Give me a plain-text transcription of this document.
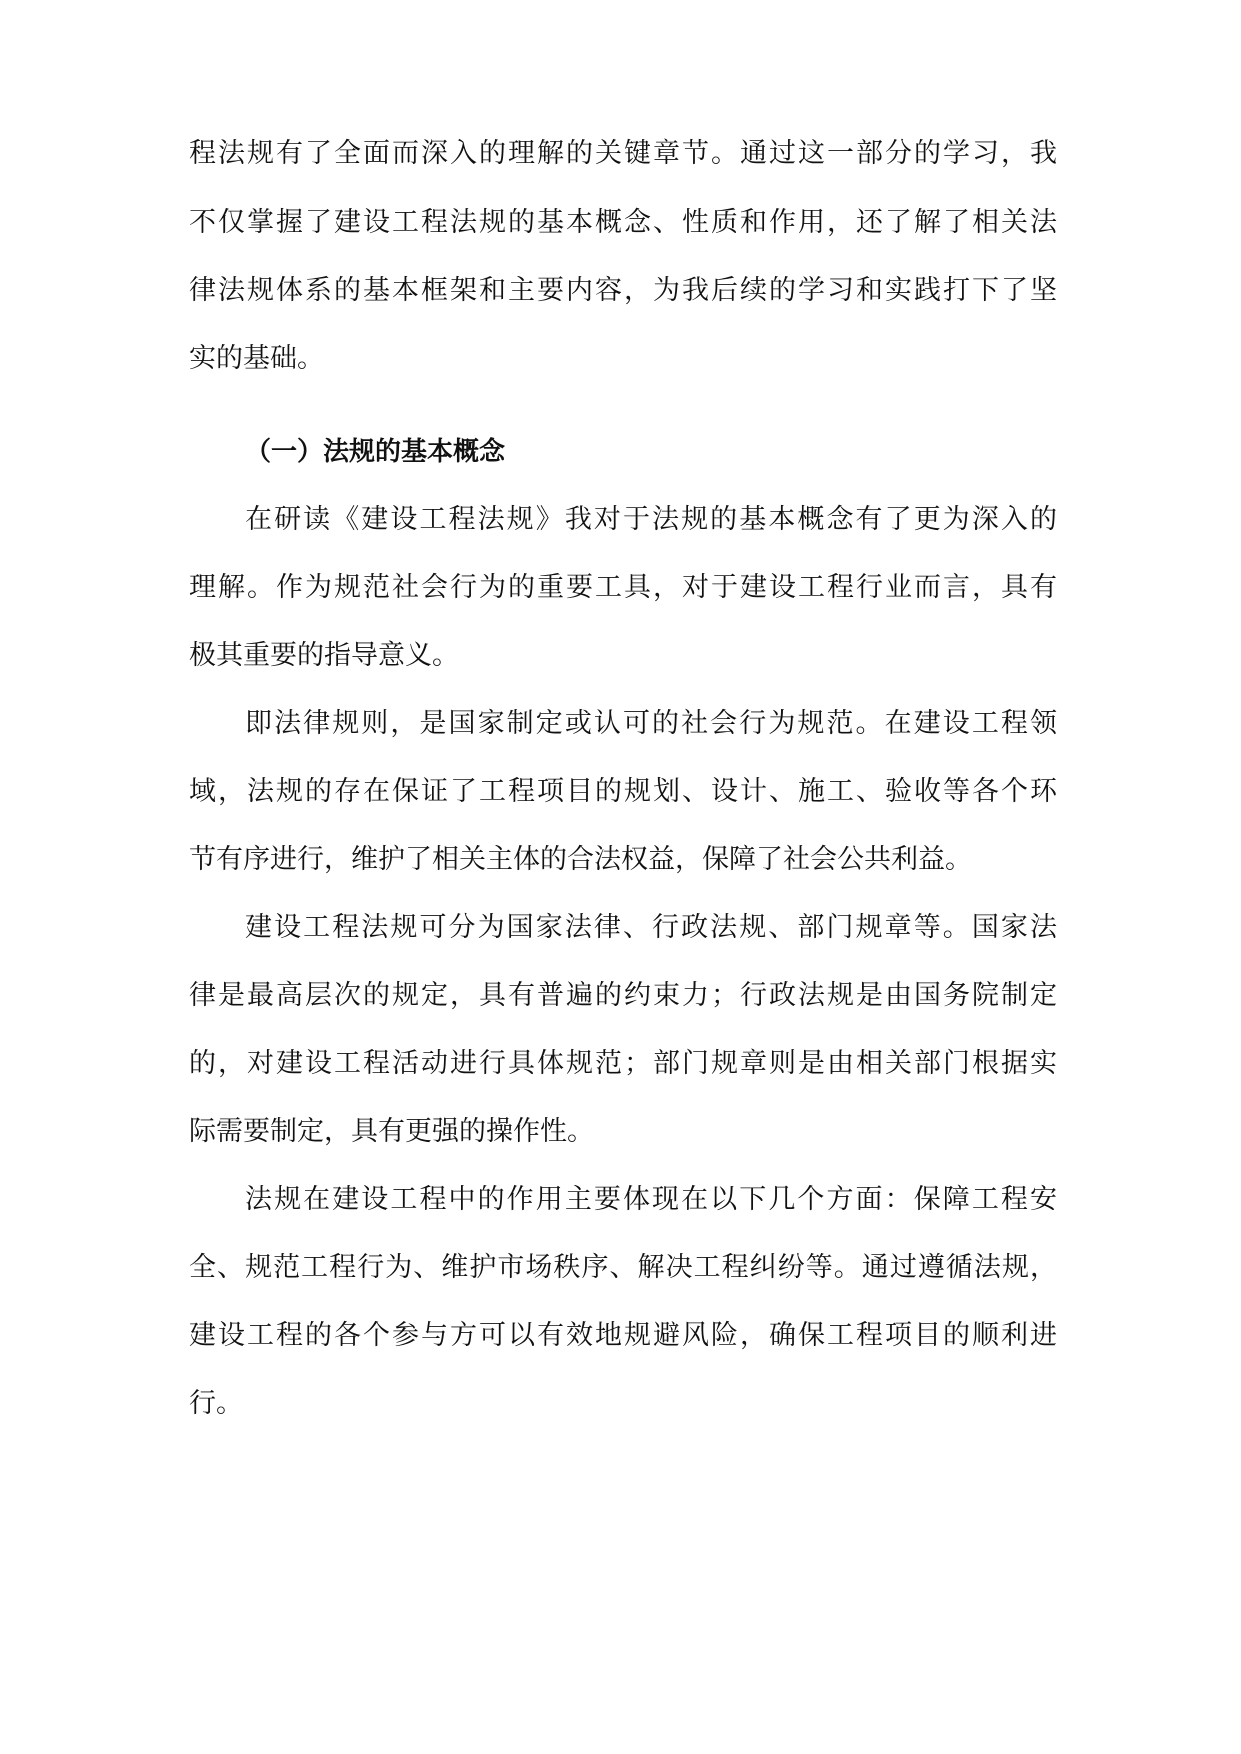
程法规有了全面而深入的理解的关键章节。通过这一部分的学习，我
不仅掌握了建设工程法规的基本概念、性质和作用，还了解了相关法
律法规体系的基本框架和主要内容，为我后续的学习和实践打下了坚
实的基础。
（一）法规的基本概念
在研读《建设工程法规》我对于法规的基本概念有了更为深入的
理解。作为规范社会行为的重要工具，对于建设工程行业而言，具有
极其重要的指导意义。
即法律规则，是国家制定或认可的社会行为规范。在建设工程领
域，法规的存在保证了工程项目的规划、设计、施工、验收等各个环
节有序进行，维护了相关主体的合法权益，保障了社会公共利益。
建设工程法规可分为国家法律、行政法规、部门规章等。国家法
律是最高层次的规定，具有普遍的约束力；行政法规是由国务院制定
的，对建设工程活动进行具体规范；部门规章则是由相关部门根据实
际需要制定，具有更强的操作性。
法规在建设工程中的作用主要体现在以下几个方面：保障工程安
全、规范工程行为、维护市场秩序、解决工程纠纷等。通过遵循法规，
建设工程的各个参与方可以有效地规避风险，确保工程项目的顺利进
行。
